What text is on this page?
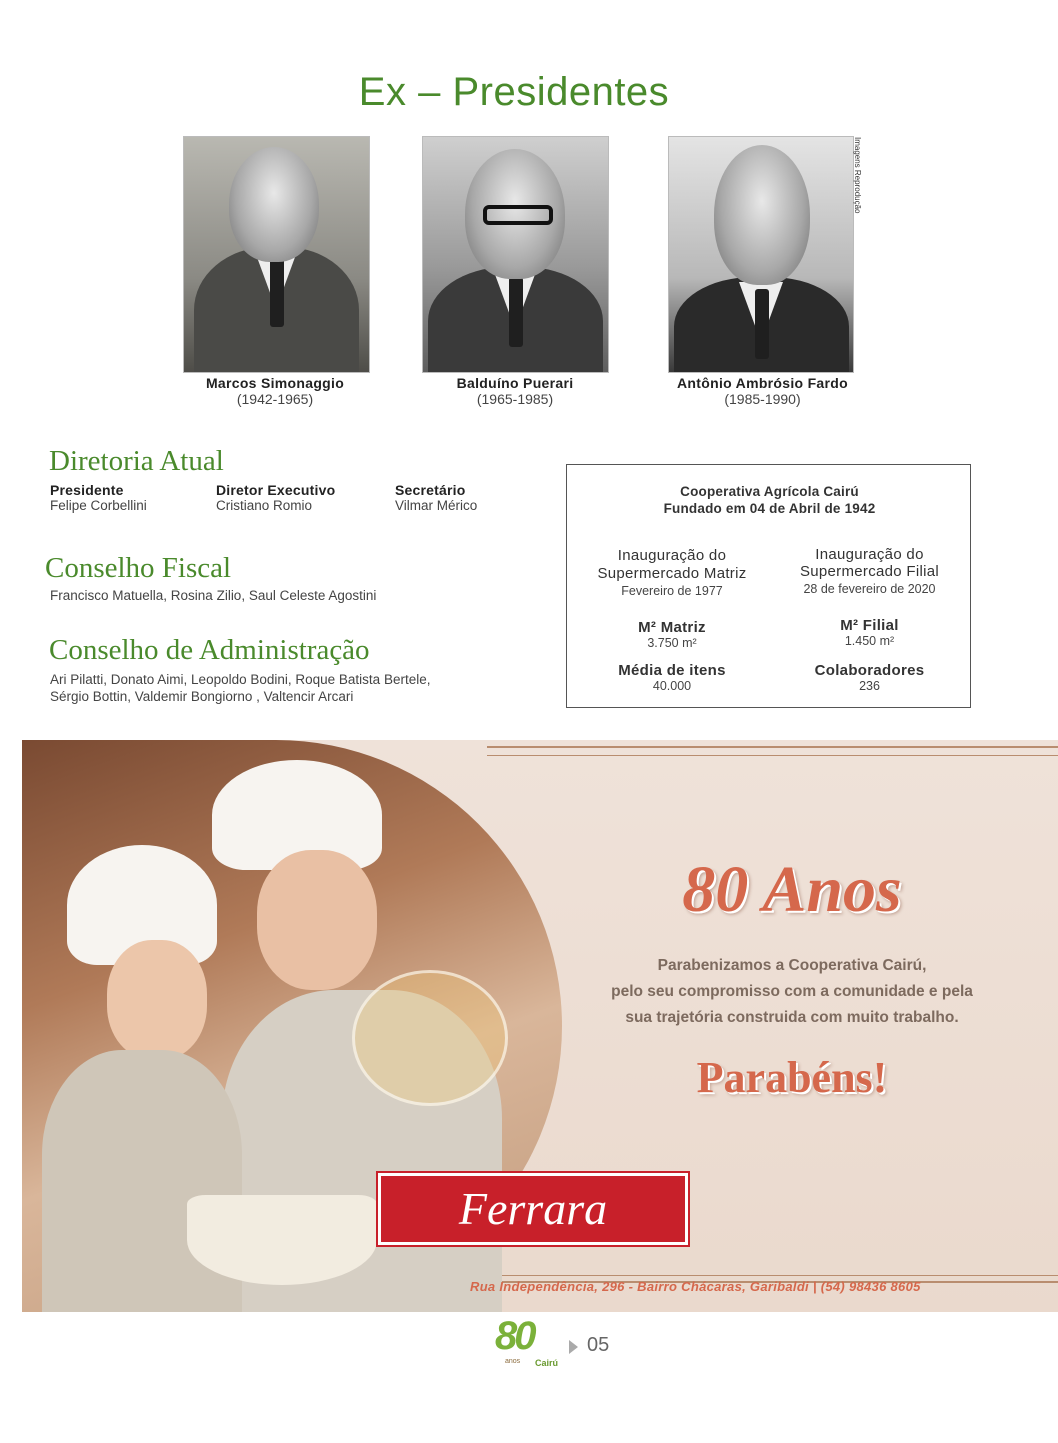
Ex – Presidentes
Imagens Reprodução
Marcos Simonaggio
(1942-1965)
Balduíno Puerari
(1965-1985)
Antônio Ambrósio Fardo
(1985-1990)
Diretoria Atual
Presidente
Felipe Corbellini
Diretor Executivo
Cristiano Romio
Secretário
Vilmar Mérico
Conselho Fiscal
Francisco Matuella, Rosina Zilio, Saul Celeste Agostini
Conselho de Administração
Ari Pilatti, Donato Aimi, Leopoldo Bodini, Roque Batista Bertele,
Sérgio Bottin, Valdemir Bongiorno , Valtencir Arcari
Cooperativa Agrícola Cairú
Fundado em 04 de Abril de 1942
Inauguração do
Supermercado Matriz
Fevereiro de 1977
Inauguração do
Supermercado Filial
28 de fevereiro de 2020
M² Matriz
3.750 m²
M² Filial
1.450 m²
Média de itens
40.000
Colaboradores
236
80 Anos
Parabenizamos a Cooperativa Cairú,
pelo seu compromisso com a comunidade e pela
sua trajetória construida com muito trabalho.
Parabéns!
Ferrara
Rua Independência, 296 - Bairro Chácaras, Garibaldi | (54) 98436 8605
80
anos Cairú
05
